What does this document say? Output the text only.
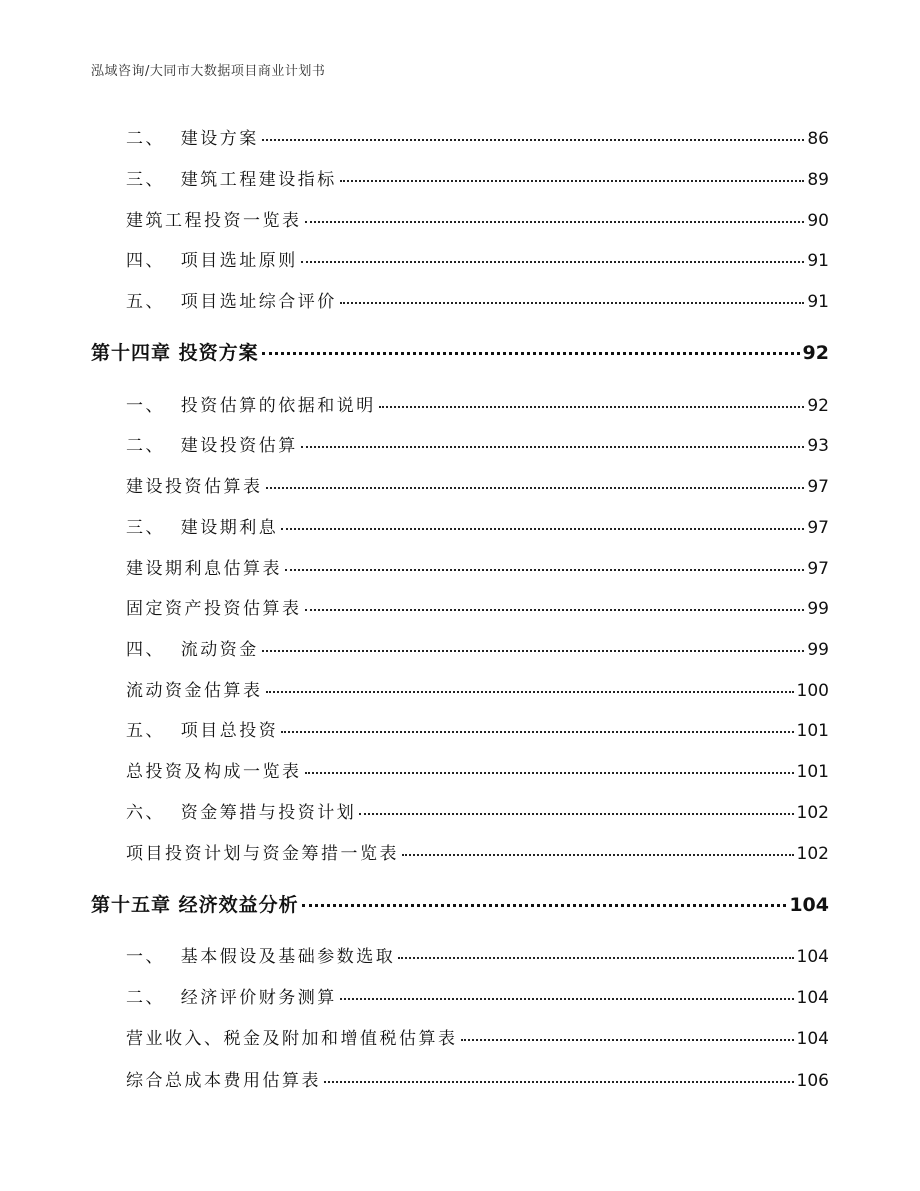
泓域咨询/大同市大数据项目商业计划书
二、  建设方案	86
三、  建筑工程建设指标	89
建筑工程投资一览表	90
四、  项目选址原则	91
五、  项目选址综合评价	91
第十四章 投资方案	92
一、  投资估算的依据和说明	92
二、  建设投资估算	93
建设投资估算表	97
三、  建设期利息	97
建设期利息估算表	97
固定资产投资估算表	99
四、  流动资金	99
流动资金估算表	100
五、  项目总投资	101
总投资及构成一览表	101
六、  资金筹措与投资计划	102
项目投资计划与资金筹措一览表	102
第十五章 经济效益分析	104
一、  基本假设及基础参数选取	104
二、  经济评价财务测算	104
营业收入、税金及附加和增值税估算表	104
综合总成本费用估算表	106
